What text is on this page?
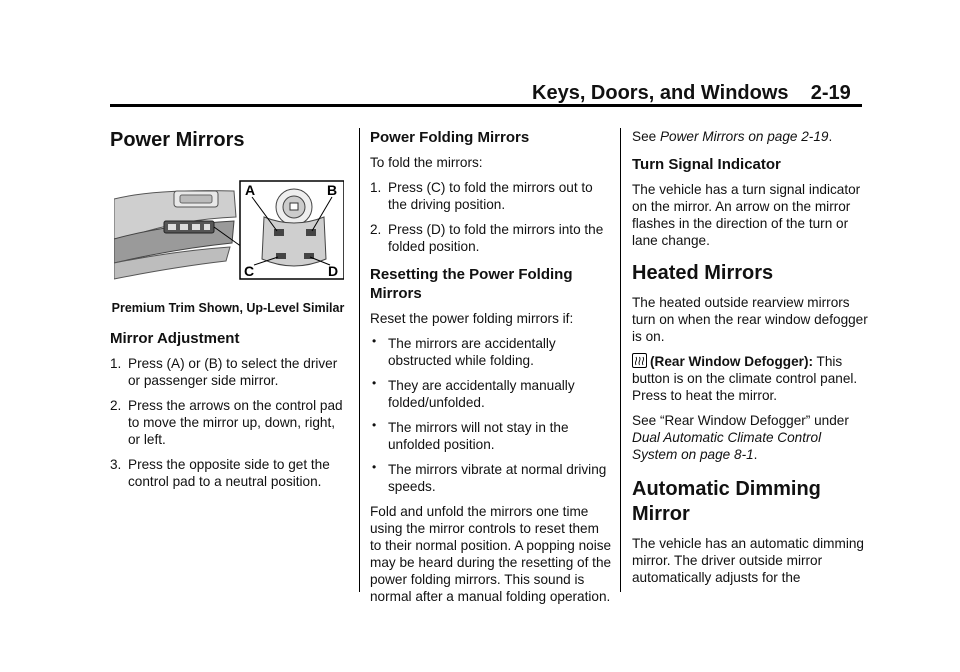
Keys, Doors, and Windows 2-19
Power Mirrors
A	B
C	D
Premium Trim Shown, Up-Level Similar
Mirror Adjustment
1. Press (A) or (B) to select the driver or passenger side mirror.
2. Press the arrows on the control pad to move the mirror up, down, right, or left.
3. Press the opposite side to get the control pad to a neutral position.
Power Folding Mirrors

To fold the mirrors:

1. Press (C) to fold the mirrors out to the driving position.
2. Press (D) to fold the mirrors into the folded position.
Resetting the Power Folding Mirrors

Reset the power folding mirrors if:

• The mirrors are accidentally obstructed while folding.
• They are accidentally manually folded/unfolded.
• The mirrors will not stay in the unfolded position.
• The mirrors vibrate at normal driving speeds.

Fold and unfold the mirrors one time using the mirror controls to reset them to their normal position. A popping noise may be heard during the resetting of the power folding mirrors. This sound is normal after a manual folding operation.

See Power Mirrors on page 2-19.

Turn Signal Indicator

The vehicle has a turn signal indicator on the mirror. An arrow on the mirror flashes in the direction of the turn or lane change.

Heated Mirrors

The heated outside rearview mirrors turn on when the rear window defogger is on.

(Rear Window Defogger): This button is on the climate control panel. Press to heat the mirror.

See “Rear Window Defogger” under Dual Automatic Climate Control System on page 8-1.

Automatic Dimming Mirror

The vehicle has an automatic dimming mirror. The driver outside mirror automatically adjusts for the
